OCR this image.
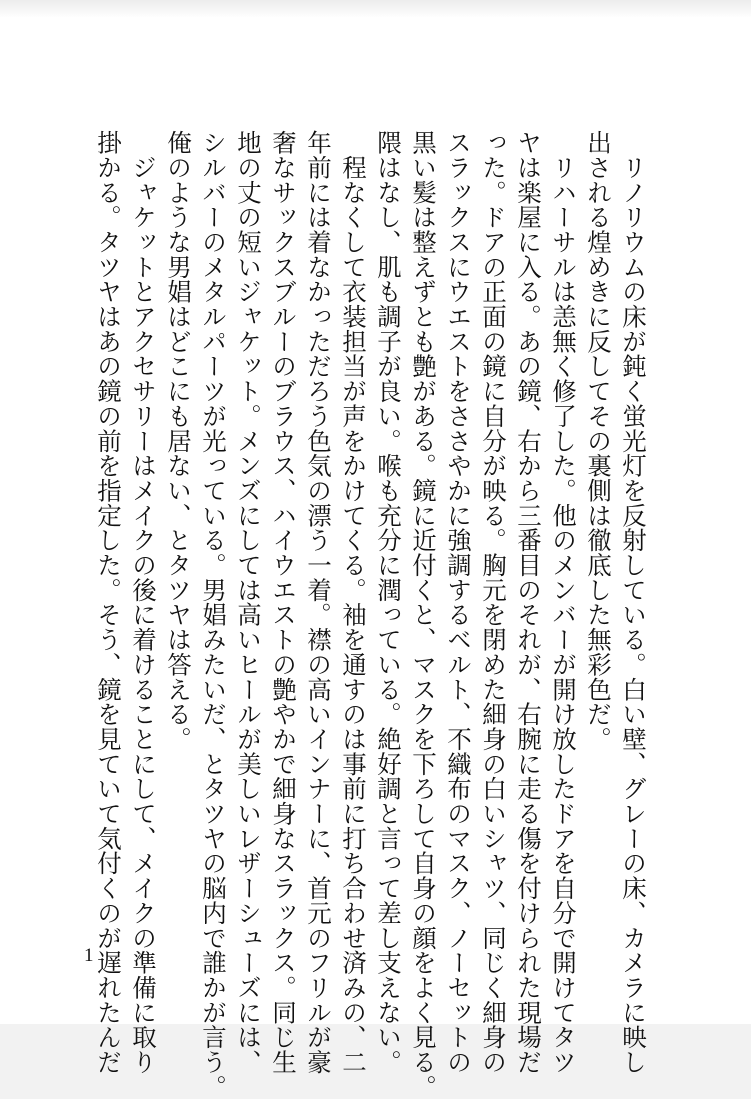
　リノリウムの床が鈍く蛍光灯を反射している。白い壁、グレーの床、カメラに映し
出される煌めきに反してその裏側は徹底した無彩色だ。
　リハーサルは恙無く修了した。他のメンバーが開け放したドアを自分で開けてタツ
ヤは楽屋に入る。あの鏡、右から三番目のそれが、右腕に走る傷を付けられた現場だ
った。ドアの正面の鏡に自分が映る。胸元を閉めた細身の白いシャツ、同じく細身の
スラックスにウエストをささやかに強調するベルト、不織布のマスク、ノーセットの
黒い髪は整えずとも艶がある。鏡に近付くと、マスクを下ろして自身の顔をよく見る。
隈はなし、肌も調子が良い。喉も充分に潤っている。絶好調と言って差し支えない。
　程なくして衣装担当が声をかけてくる。袖を通すのは事前に打ち合わせ済みの、二
年前には着なかっただろう色気の漂う一着。襟の高いインナーに、首元のフリルが豪
奢なサックスブルーのブラウス、ハイウエストの艶やかで細身なスラックス。同じ生
地の丈の短いジャケット。メンズにしては高いヒールが美しいレザーシューズには、
シルバーのメタルパーツが光っている。男娼みたいだ、とタツヤの脳内で誰かが言う。
俺のような男娼はどこにも居ない、とタツヤは答える。
　ジャケットとアクセサリーはメイクの後に着けることにして、メイクの準備に取り
掛かる。タツヤはあの鏡の前を指定した。そう、鏡を見ていて気付くのが遅れたんだ
1
